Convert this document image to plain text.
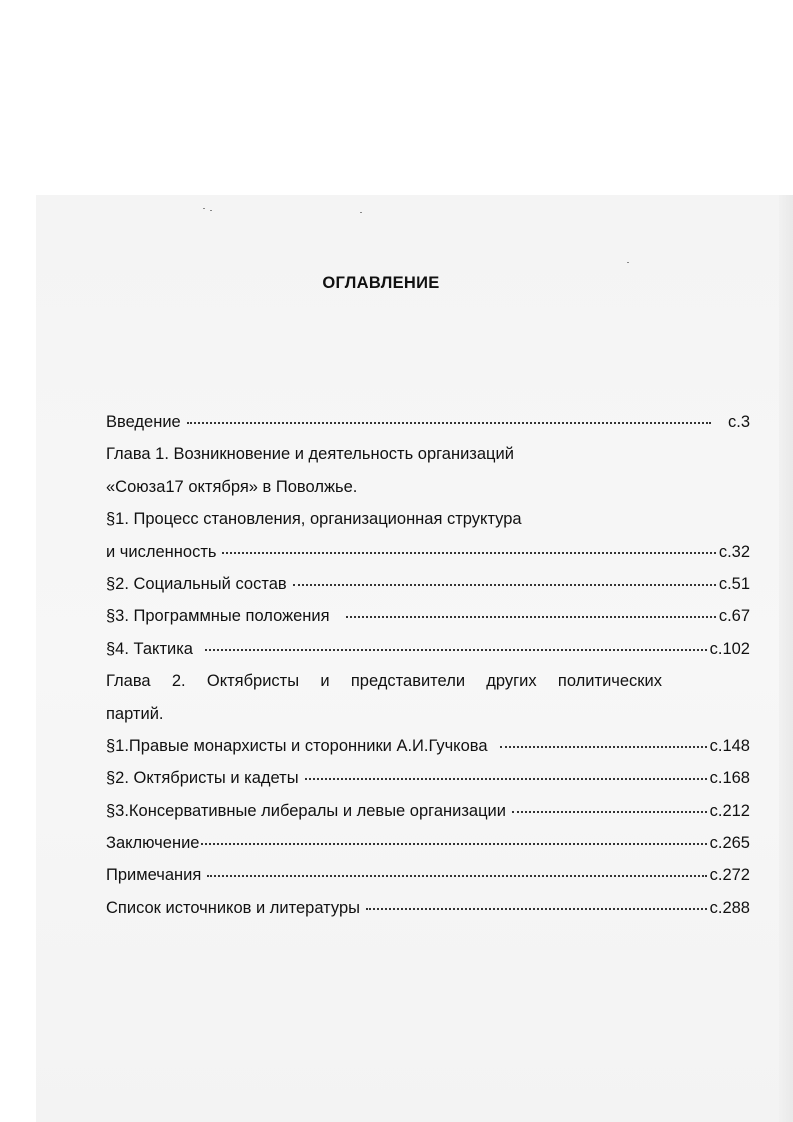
ОГЛАВЛЕНИЕ
Введение	с.3
Глава 1. Возникновение и деятельность организаций
«Союза17 октября» в Поволжье.
§1. Процесс становления, организационная структура
и численность	с.32
§2. Социальный состав	с.51
§3. Программные положения	с.67
§4. Тактика	с.102
Глава 2. Октябристы и представители других политических
партий.
§1.Правые монархисты и сторонники А.И.Гучкова	с.148
§2. Октябристы и кадеты	с.168
§3.Консервативные либералы и левые организации	с.212
Заключение	с.265
Примечания	с.272
Список источников и литературы	с.288
